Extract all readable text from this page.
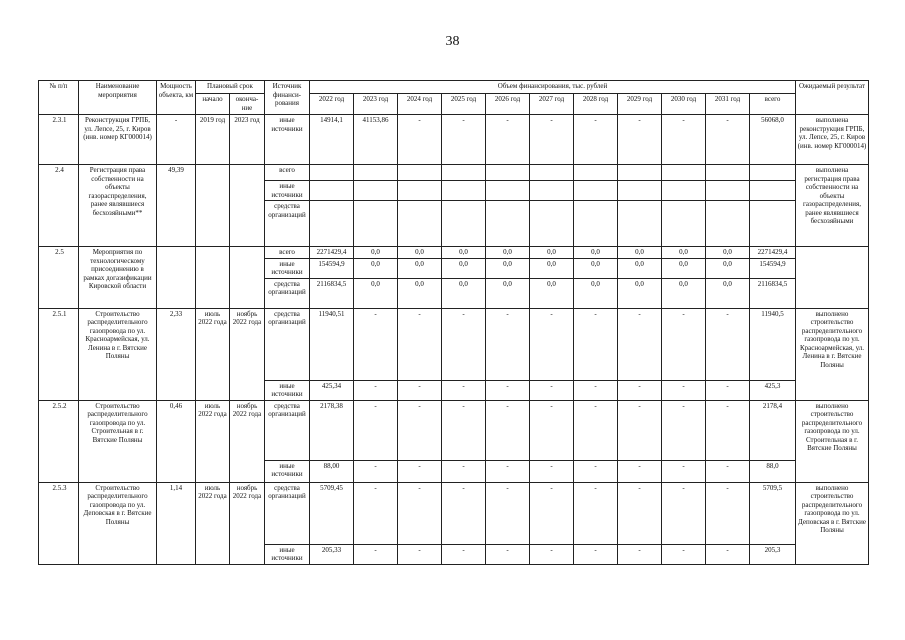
38
№ п/п	Наименование мероприятия	Мощность объекта, км	Плановый срок		Источник финанси-рования	Объем финансирования, тыс. рублей											Ожидаемый результат
			начало	оконча-ние		2022 год	2023 год	2024 год	2025 год	2026 год	2027 год	2028 год	2029 год	2030 год	2031 год	всего	

2.3.1	Реконструкция ГРПБ, ул. Лепсе, 25, г. Киров (инв. номер КГ000014)	-	2019 год	2023 год	иные источники	14914,1	41153,86	-	-	-	-	-	-	-	-	56068,0	выполнена реконструкция ГРПБ, ул. Лепсе, 25, г. Киров (инв. номер КГ000014)
2.4	Регистрация права собственности на объекты газораспределения, ранее являвшиеся бесхозяйными**	49,39			всего												выполнена регистрация права собственности на объекты газораспределения, ранее являвшиеся бесхозяйными
					иные источники												
					средства организаций												
2.5	Мероприятия по технологическому присоединению в рамках догазификации Кировской области				всего	2271429,4	0,0	0,0	0,0	0,0	0,0	0,0	0,0	0,0	0,0	2271429,4	
					иные источники	154594,9	0,0	0,0	0,0	0,0	0,0	0,0	0,0	0,0	0,0	154594,9	
					средства организаций	2116834,5	0,0	0,0	0,0	0,0	0,0	0,0	0,0	0,0	0,0	2116834,5	
2.5.1	Строительство распределительного газопровода по ул. Красноармейская, ул. Ленина в г. Вятские Поляны	2,33	июль 2022 года	ноябрь 2022 года	средства организаций	11940,51	-	-	-	-	-	-	-	-	-	11940,5	выполнено строительство распределительного газопровода по ул. Красноармейская, ул. Ленина в г. Вятские Поляны
					иные источники	425,34	-	-	-	-	-	-	-	-	-	425,3	
2.5.2	Строительство распределительного газопровода по ул. Строительная в г. Вятские Поляны	0,46	июль 2022 года	ноябрь 2022 года	средства организаций	2178,38	-	-	-	-	-	-	-	-	-	2178,4	выполнено строительство распределительного газопровода по ул. Строительная в г. Вятские Поляны
					иные источники	88,00	-	-	-	-	-	-	-	-	-	88,0	
2.5.3	Строительство распределительного газопровода по ул. Деповская в г. Вятские Поляны	1,14	июль 2022 года	ноябрь 2022 года	средства организаций	5709,45	-	-	-	-	-	-	-	-	-	5709,5	выполнено строительство распределительного газопровода по ул. Деповская в г. Вятские Поляны
					иные источники	205,33	-	-	-	-	-	-	-	-	-	205,3	
